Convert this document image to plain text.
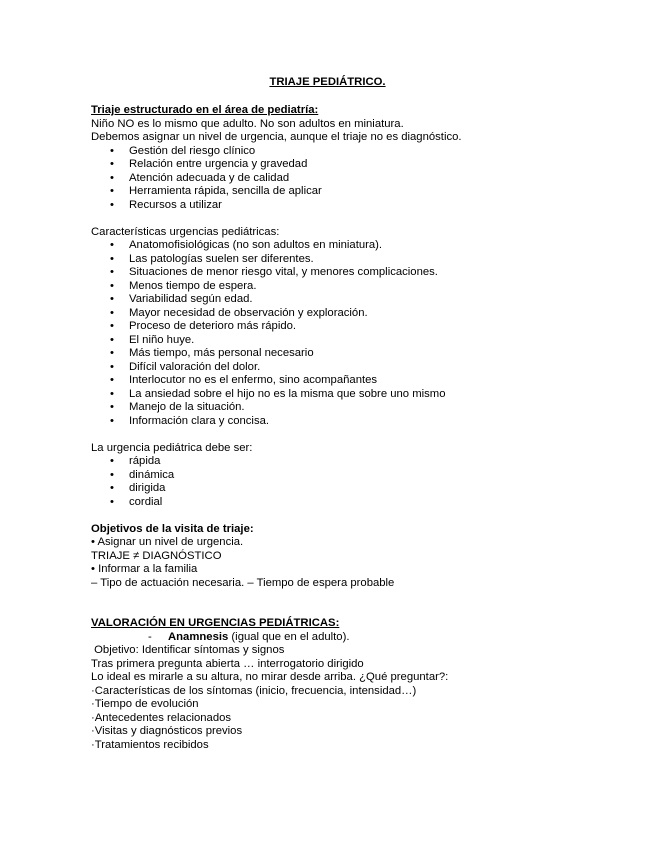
TRIAJE PEDIÁTRICO.

Triaje estructurado en el área de pediatría:

Niño NO es lo mismo que adulto. No son adultos en miniatura.

Debemos asignar un nivel de urgencia, aunque el triaje no es diagnóstico.

• Gestión del riesgo clínico
• Relación entre urgencia y gravedad
• Atención adecuada y de calidad
• Herramienta rápida, sencilla de aplicar
• Recursos a utilizar

Características urgencias pediátricas:

• Anatomofisiológicas (no son adultos en miniatura).
• Las patologías suelen ser diferentes.
• Situaciones de menor riesgo vital, y menores complicaciones.
• Menos tiempo de espera.
• Variabilidad según edad.
• Mayor necesidad de observación y exploración.
• Proceso de deterioro más rápido.
• El niño huye.
• Más tiempo, más personal necesario
• Difícil valoración del dolor.
• Interlocutor no es el enfermo, sino acompañantes
• La ansiedad sobre el hijo no es la misma que sobre uno mismo
• Manejo de la situación.
• Información clara y concisa.

La urgencia pediátrica debe ser:

• rápida
• dinámica
• dirigida
• cordial

Objetivos de la visita de triaje:

• Asignar un nivel de urgencia.

TRIAJE ≠ DIAGNÓSTICO

• Informar a la familia

– Tipo de actuación necesaria. – Tiempo de espera probable

VALORACIÓN EN URGENCIAS PEDIÁTRICAS:

- Anamnesis (igual que en el adulto).

Objetivo: Identificar síntomas y signos

Tras primera pregunta abierta … interrogatorio dirigido

Lo ideal es mirarle a su altura, no mirar desde arriba. ¿Qué preguntar?:

·Características de los síntomas (inicio, frecuencia, intensidad…)

·Tiempo de evolución

·Antecedentes relacionados

·Visitas y diagnósticos previos

·Tratamientos recibidos
